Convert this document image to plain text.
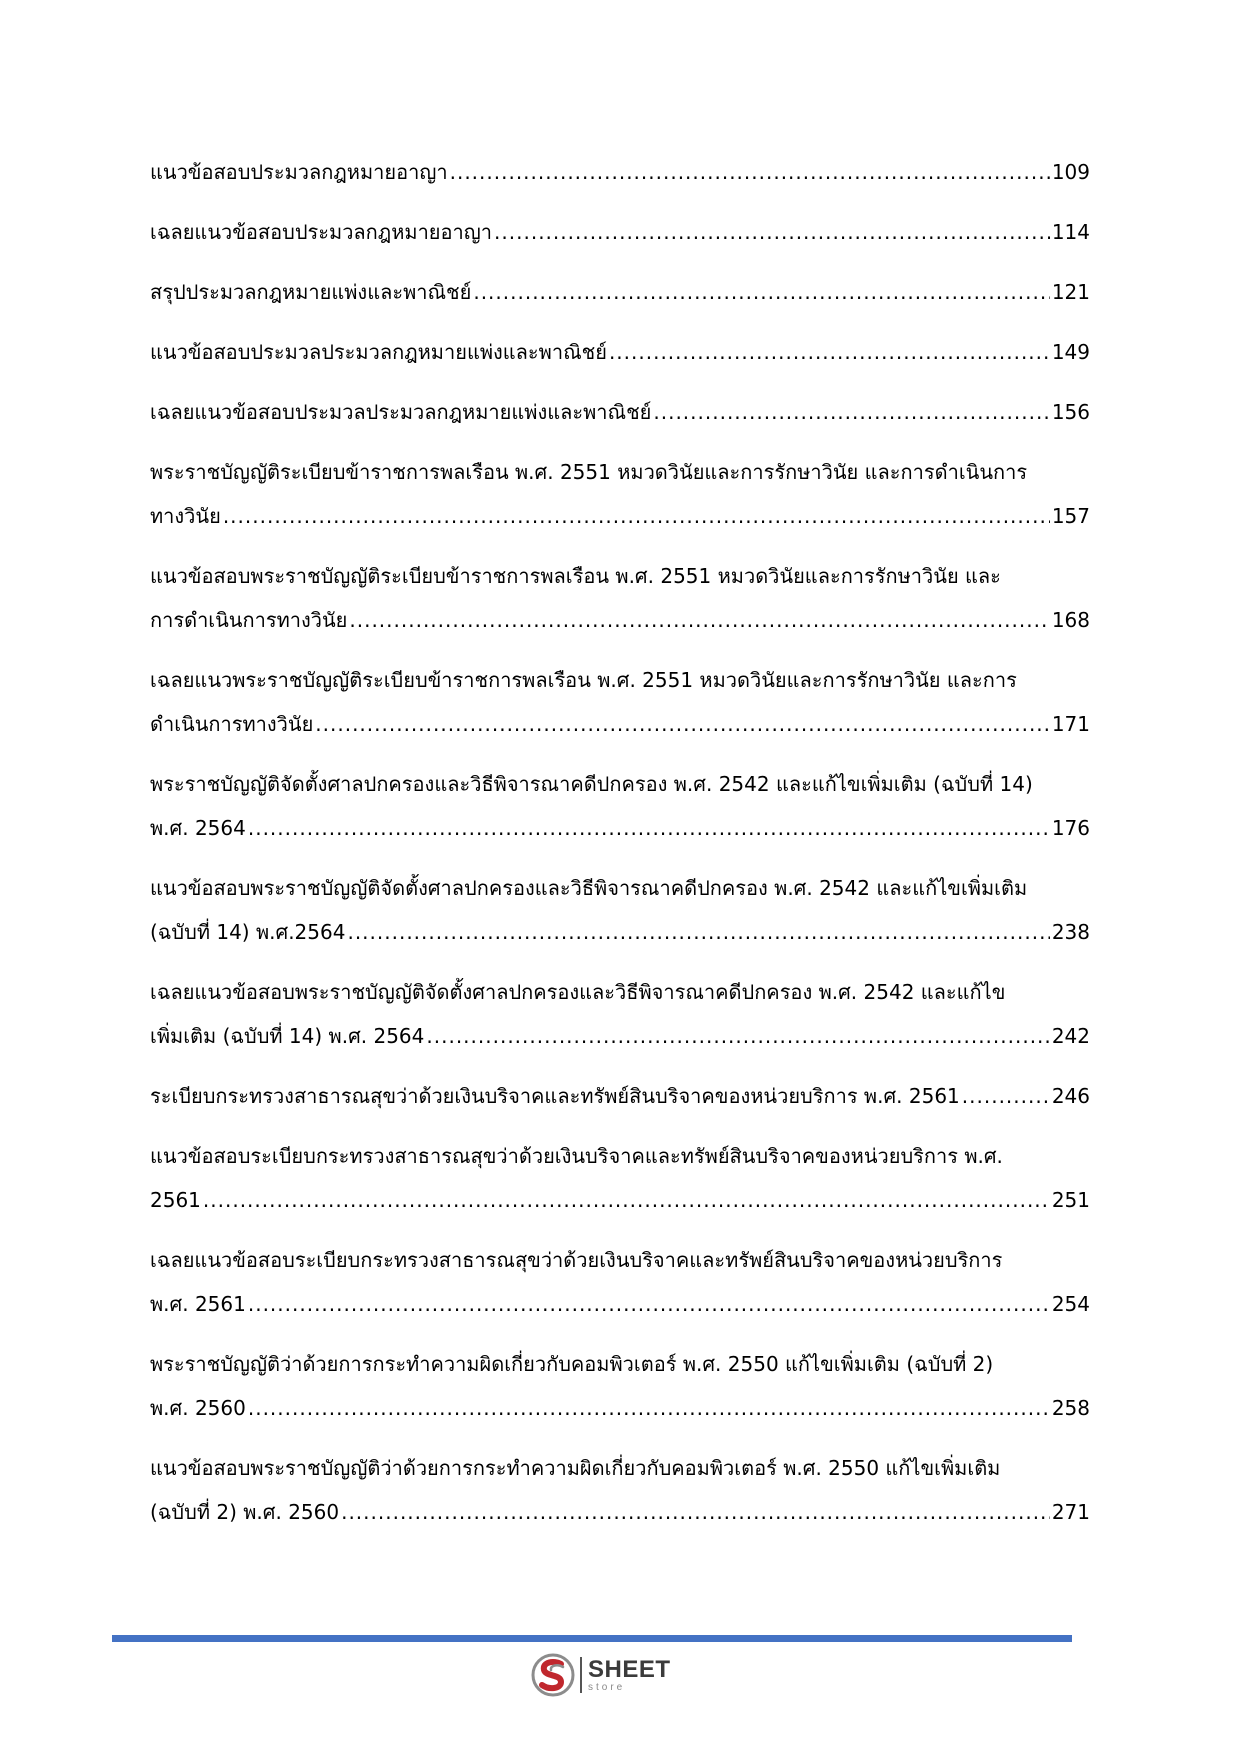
แนวข้อสอบประมวลกฎหมายอาญา .....	109
เฉลยแนวข้อสอบประมวลกฎหมายอาญา .....	114
สรุปประมวลกฎหมายแพ่งและพาณิชย์ .....	121
แนวข้อสอบประมวลประมวลกฎหมายแพ่งและพาณิชย์ .....	149
เฉลยแนวข้อสอบประมวลประมวลกฎหมายแพ่งและพาณิชย์ .....	156
พระราชบัญญัติระเบียบข้าราชการพลเรือน พ.ศ. 2551 หมวดวินัยและการรักษาวินัย และการดำเนินการ
ทางวินัย .....	157
แนวข้อสอบพระราชบัญญัติระเบียบข้าราชการพลเรือน พ.ศ. 2551 หมวดวินัยและการรักษาวินัย และ
การดำเนินการทางวินัย .....	168
เฉลยแนวพระราชบัญญัติระเบียบข้าราชการพลเรือน พ.ศ. 2551 หมวดวินัยและการรักษาวินัย และการ
ดำเนินการทางวินัย .....	171
พระราชบัญญัติจัดตั้งศาลปกครองและวิธีพิจารณาคดีปกครอง พ.ศ. 2542 และแก้ไขเพิ่มเติม (ฉบับที่ 14)
พ.ศ. 2564 .....	176
แนวข้อสอบพระราชบัญญัติจัดตั้งศาลปกครองและวิธีพิจารณาคดีปกครอง พ.ศ. 2542 และแก้ไขเพิ่มเติม
(ฉบับที่ 14) พ.ศ.2564 .....	238
เฉลยแนวข้อสอบพระราชบัญญัติจัดตั้งศาลปกครองและวิธีพิจารณาคดีปกครอง พ.ศ. 2542 และแก้ไข
เพิ่มเติม (ฉบับที่ 14) พ.ศ. 2564 .....	242
ระเบียบกระทรวงสาธารณสุขว่าด้วยเงินบริจาคและทรัพย์สินบริจาคของหน่วยบริการ พ.ศ. 2561 .....	246
แนวข้อสอบระเบียบกระทรวงสาธารณสุขว่าด้วยเงินบริจาคและทรัพย์สินบริจาคของหน่วยบริการ พ.ศ.
2561 .....	251
เฉลยแนวข้อสอบระเบียบกระทรวงสาธารณสุขว่าด้วยเงินบริจาคและทรัพย์สินบริจาคของหน่วยบริการ
พ.ศ. 2561 .....	254
พระราชบัญญัติว่าด้วยการกระทำความผิดเกี่ยวกับคอมพิวเตอร์ พ.ศ. 2550 แก้ไขเพิ่มเติม (ฉบับที่ 2)
พ.ศ. 2560 .....	258
แนวข้อสอบพระราชบัญญัติว่าด้วยการกระทำความผิดเกี่ยวกับคอมพิวเตอร์ พ.ศ. 2550 แก้ไขเพิ่มเติม
(ฉบับที่ 2) พ.ศ. 2560 .....	271
SHEET
store
